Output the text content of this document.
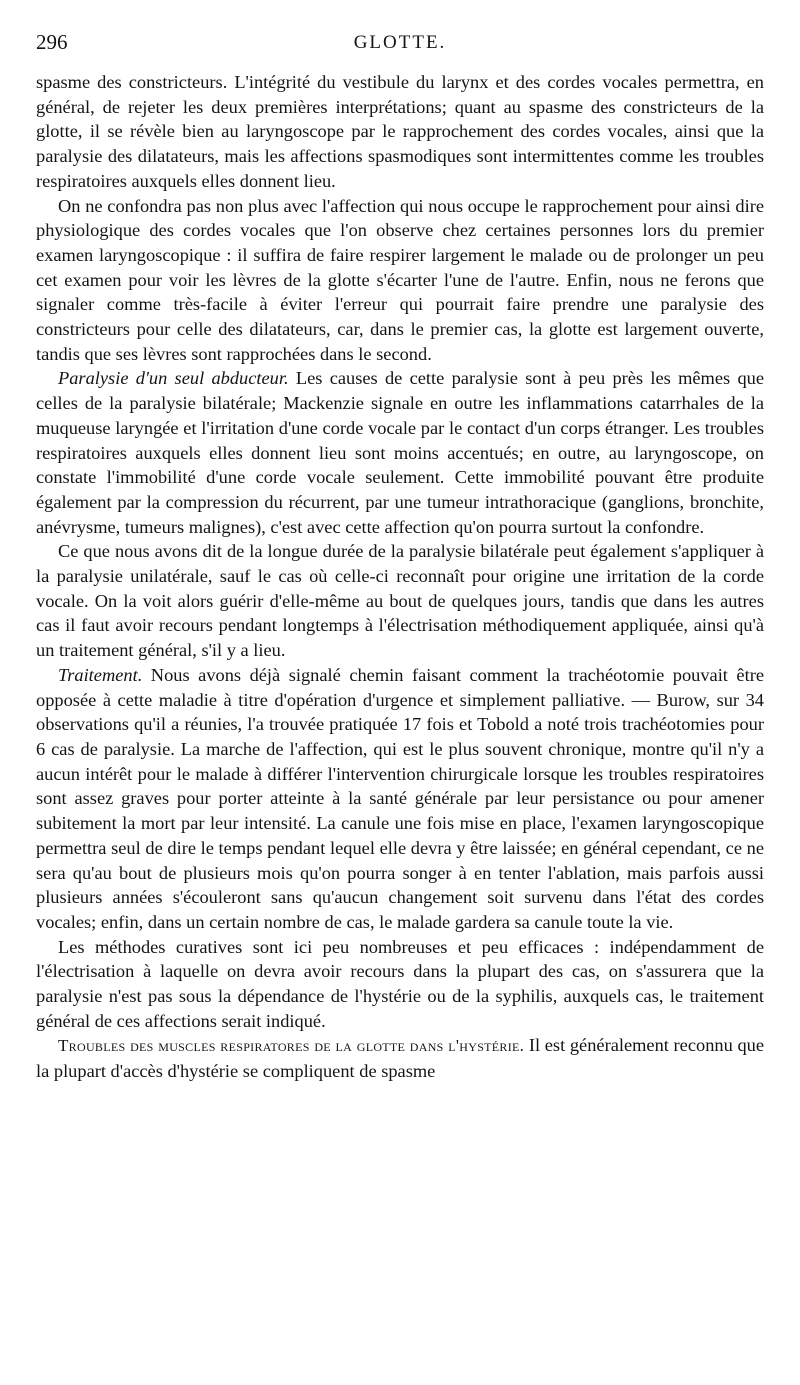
296	GLOTTE.

spasme des constricteurs. L'intégrité du vestibule du larynx et des cordes vocales permettra, en général, de rejeter les deux premières interprétations; quant au spasme des constricteurs de la glotte, il se révèle bien au laryngoscope par le rapprochement des cordes vocales, ainsi que la paralysie des dilatateurs, mais les affections spasmodiques sont intermittentes comme les troubles respiratoires auxquels elles donnent lieu.

On ne confondra pas non plus avec l'affection qui nous occupe le rapprochement pour ainsi dire physiologique des cordes vocales que l'on observe chez certaines personnes lors du premier examen laryngoscopique : il suffira de faire respirer largement le malade ou de prolonger un peu cet examen pour voir les lèvres de la glotte s'écarter l'une de l'autre. Enfin, nous ne ferons que signaler comme très-facile à éviter l'erreur qui pourrait faire prendre une paralysie des constricteurs pour celle des dilatateurs, car, dans le premier cas, la glotte est largement ouverte, tandis que ses lèvres sont rapprochées dans le second.

Paralysie d'un seul abducteur. Les causes de cette paralysie sont à peu près les mêmes que celles de la paralysie bilatérale; Mackenzie signale en outre les inflammations catarrhales de la muqueuse laryngée et l'irritation d'une corde vocale par le contact d'un corps étranger. Les troubles respiratoires auxquels elles donnent lieu sont moins accentués; en outre, au laryngoscope, on constate l'immobilité d'une corde vocale seulement. Cette immobilité pouvant être produite également par la compression du récurrent, par une tumeur intrathoracique (ganglions, bronchite, anévrysme, tumeurs malignes), c'est avec cette affection qu'on pourra surtout la confondre.

Ce que nous avons dit de la longue durée de la paralysie bilatérale peut également s'appliquer à la paralysie unilatérale, sauf le cas où celle-ci reconnaît pour origine une irritation de la corde vocale. On la voit alors guérir d'elle-même au bout de quelques jours, tandis que dans les autres cas il faut avoir recours pendant longtemps à l'électrisation méthodiquement appliquée, ainsi qu'à un traitement général, s'il y a lieu.

Traitement. Nous avons déjà signalé chemin faisant comment la trachéotomie pouvait être opposée à cette maladie à titre d'opération d'urgence et simplement palliative. — Burow, sur 34 observations qu'il a réunies, l'a trouvée pratiquée 17 fois et Tobold a noté trois trachéotomies pour 6 cas de paralysie. La marche de l'affection, qui est le plus souvent chronique, montre qu'il n'y a aucun intérêt pour le malade à différer l'intervention chirurgicale lorsque les troubles respiratoires sont assez graves pour porter atteinte à la santé générale par leur persistance ou pour amener subitement la mort par leur intensité. La canule une fois mise en place, l'examen laryngoscopique permettra seul de dire le temps pendant lequel elle devra y être laissée; en général cependant, ce ne sera qu'au bout de plusieurs mois qu'on pourra songer à en tenter l'ablation, mais parfois aussi plusieurs années s'écouleront sans qu'aucun changement soit survenu dans l'état des cordes vocales; enfin, dans un certain nombre de cas, le malade gardera sa canule toute la vie.

Les méthodes curatives sont ici peu nombreuses et peu efficaces : indépendamment de l'électrisation à laquelle on devra avoir recours dans la plupart des cas, on s'assurera que la paralysie n'est pas sous la dépendance de l'hystérie ou de la syphilis, auxquels cas, le traitement général de ces affections serait indiqué.

Troubles des muscles respiratores de la glotte dans l'hystérie. Il est généralement reconnu que la plupart d'accès d'hystérie se compliquent de spasme
